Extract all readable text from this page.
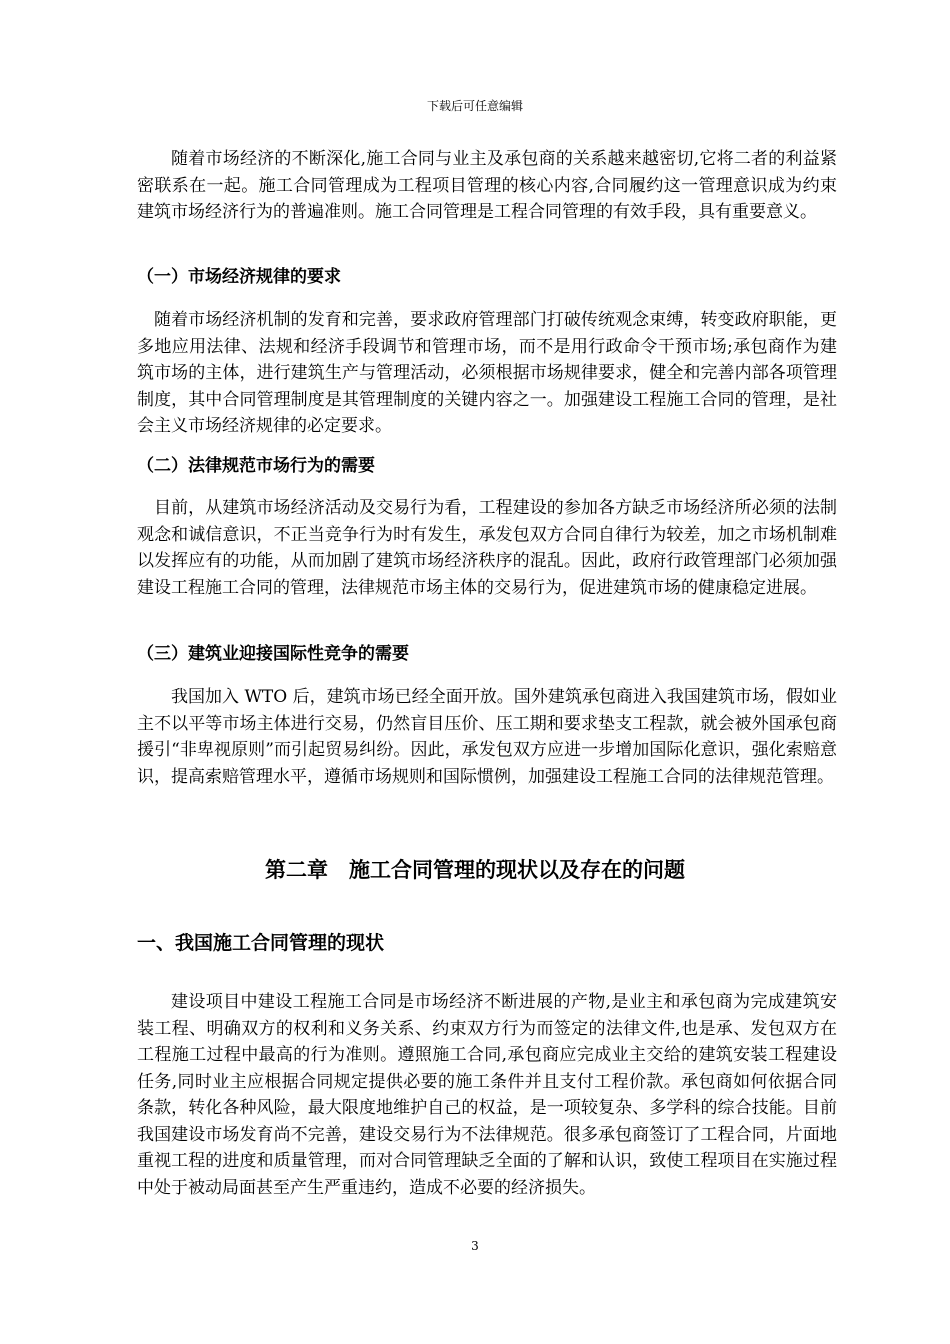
下载后可任意编辑

随着市场经济的不断深化,施工合同与业主及承包商的关系越来越密切,它将二者的利益紧密联系在一起。施工合同管理成为工程项目管理的核心内容,合同履约这一管理意识成为约束建筑市场经济行为的普遍准则。施工合同管理是工程合同管理的有效手段，具有重要意义。

（一）市场经济规律的要求

随着市场经济机制的发育和完善，要求政府管理部门打破传统观念束缚，转变政府职能，更多地应用法律、法规和经济手段调节和管理市场，而不是用行政命令干预市场;承包商作为建筑市场的主体，进行建筑生产与管理活动，必须根据市场规律要求，健全和完善内部各项管理制度，其中合同管理制度是其管理制度的关键内容之一。加强建设工程施工合同的管理，是社会主义市场经济规律的必定要求。

（二）法律规范市场行为的需要

目前，从建筑市场经济活动及交易行为看，工程建设的参加各方缺乏市场经济所必须的法制观念和诚信意识，不正当竞争行为时有发生，承发包双方合同自律行为较差，加之市场机制难以发挥应有的功能，从而加剧了建筑市场经济秩序的混乱。因此，政府行政管理部门必须加强建设工程施工合同的管理，法律规范市场主体的交易行为，促进建筑市场的健康稳定进展。

（三）建筑业迎接国际性竞争的需要

我国加入 WTO 后，建筑市场已经全面开放。国外建筑承包商进入我国建筑市场，假如业主不以平等市场主体进行交易，仍然盲目压价、压工期和要求垫支工程款，就会被外国承包商援引“非卑视原则”而引起贸易纠纷。因此，承发包双方应进一步增加国际化意识，强化索赔意识，提高索赔管理水平，遵循市场规则和国际惯例，加强建设工程施工合同的法律规范管理。

第二章　施工合同管理的现状以及存在的问题
一、我国施工合同管理的现状

建设项目中建设工程施工合同是市场经济不断进展的产物,是业主和承包商为完成建筑安装工程、明确双方的权利和义务关系、约束双方行为而签定的法律文件,也是承、发包双方在工程施工过程中最高的行为准则。遵照施工合同,承包商应完成业主交给的建筑安装工程建设任务,同时业主应根据合同规定提供必要的施工条件并且支付工程价款。承包商如何依据合同条款，转化各种风险，最大限度地维护自己的权益，是一项较复杂、多学科的综合技能。目前我国建设市场发育尚不完善，建设交易行为不法律规范。很多承包商签订了工程合同，片面地重视工程的进度和质量管理，而对合同管理缺乏全面的了解和认识，致使工程项目在实施过程中处于被动局面甚至产生严重违约，造成不必要的经济损失。

3
